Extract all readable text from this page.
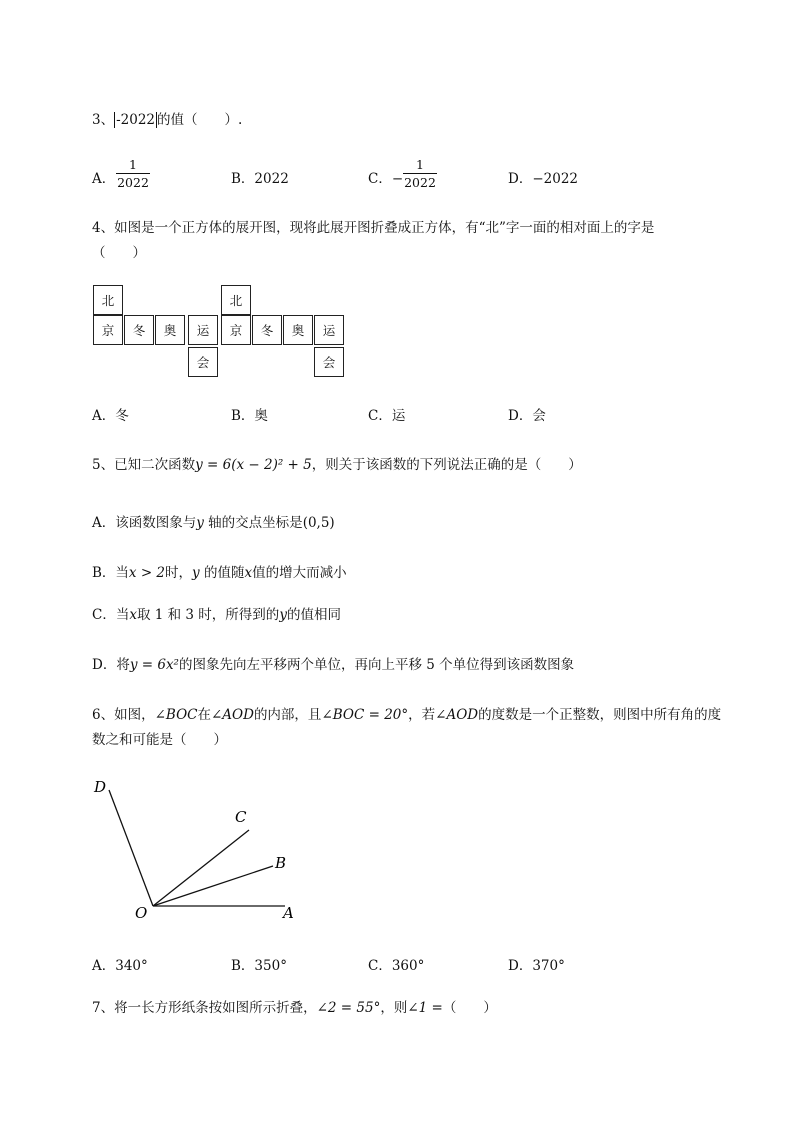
3、 -2022 的值（　　）.
A．
1
2022	B．2022	C．−
1
2022	D．−2022
4、如图是一个正方体的展开图，现将此展开图折叠成正方体，有“北”字一面的相对面上的字是
（　　）
北
京	冬	奥	运
会
北
京	冬	奥	运
会
A．冬	B．奥	C．运	D．会
5、已知二次函数y = 6(x − 2)² + 5，则关于该函数的下列说法正确的是（　　）
A．该函数图象与y 轴的交点坐标是(0,5)
B．当x > 2时，y 的值随x值的增大而减小
C．当x取 1 和 3 时，所得到的y的值相同
D．将y = 6x²的图象先向左平移两个单位，再向上平移 5 个单位得到该函数图象
6、如图，∠BOC在∠AOD的内部，且∠BOC = 20°，若∠AOD的度数是一个正整数，则图中所有角的度
数之和可能是（　　）
D
C
B
O	A
A．340°	B．350°	C．360°	D．370°
7、将一长方形纸条按如图所示折叠，∠2 = 55°，则∠1 =（　　）
